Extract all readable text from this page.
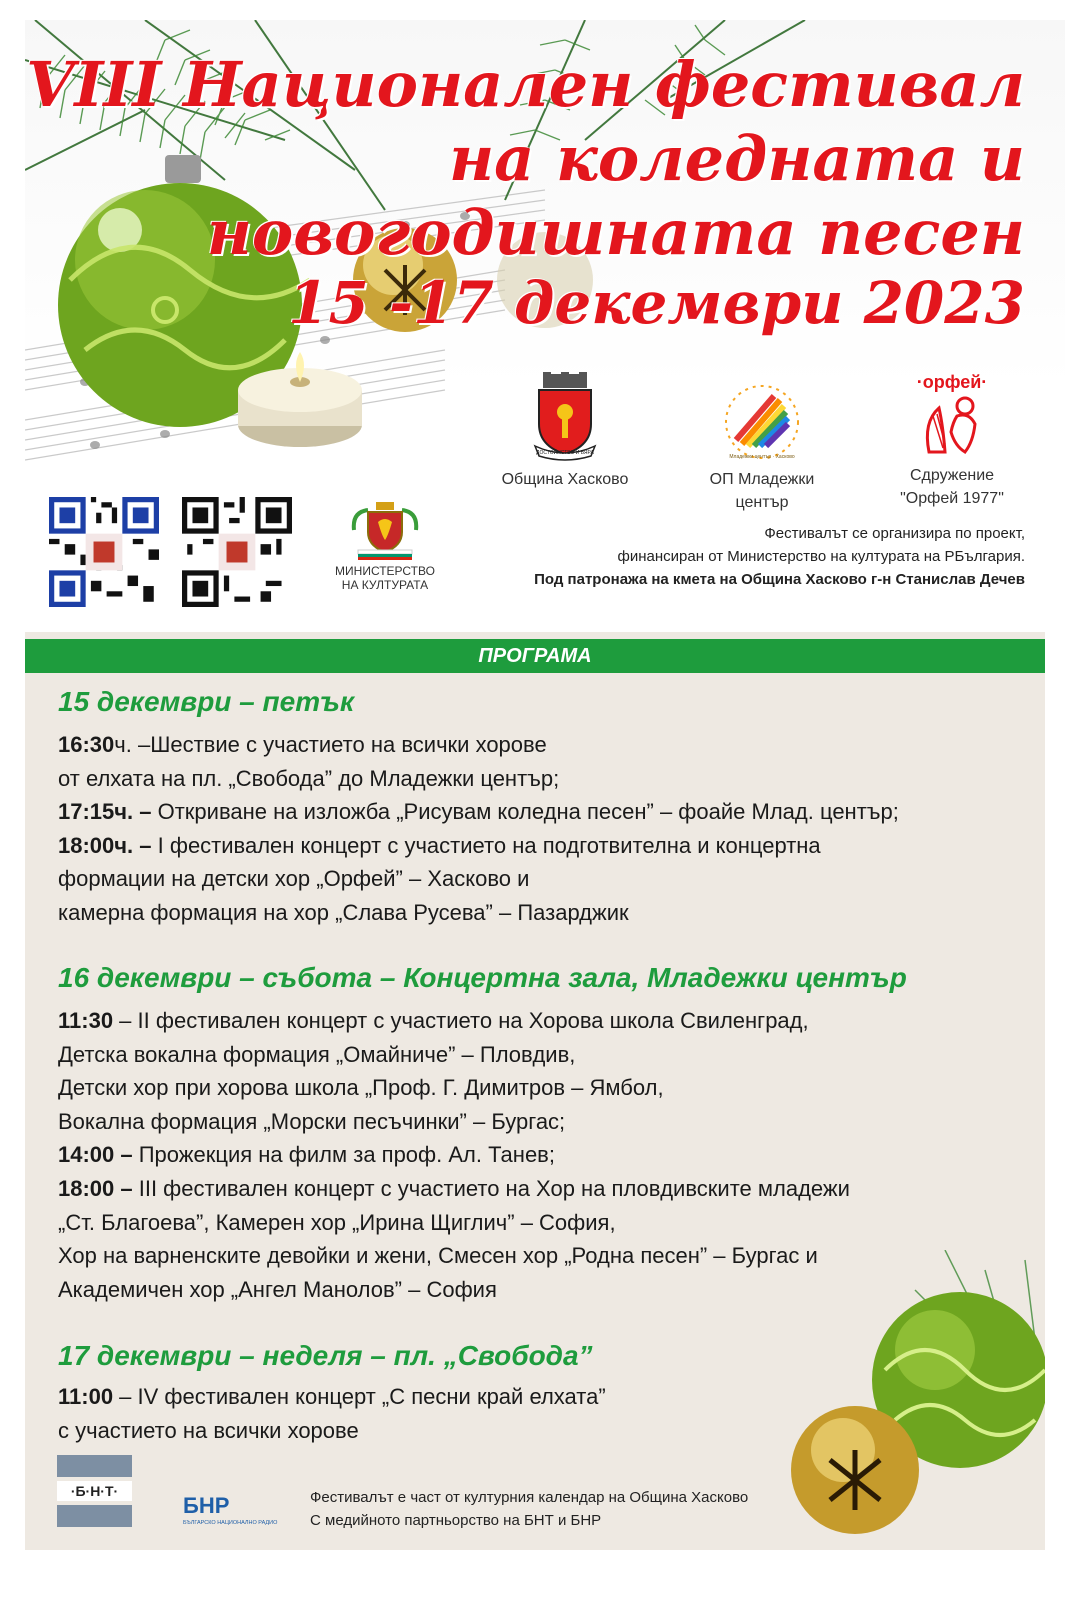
VIII Национален фестивал
на коледната и
новогодишната песен
15 -17 декември 2023
ДОСТОЙНСТВО И ВЯРА
Община Хасково
Младежки център · Хасково
ОП Младежки
център
·орфей·
Сдружение
"Орфей 1977"
МИНИСТЕРСТВО
НА КУЛТУРАТА
Фестивалът се организира по проект,
финансиран от Министерство на културата на РБългария.
Под патронажа на кмета на Община Хасково г-н Станислав Дечев
ПРОГРАМА
15 декември – петък
16:30ч. –Шествие с участието на всички хорове
от елхата на пл. „Свобода” до Младежки център;
17:15ч. – Откриване на изложба „Рисувам коледна песен” – фоайе Млад. център;
18:00ч. – I фестивален концерт с участието на подготвителна и концертна
формации на детски хор „Орфей” – Хасково и
камерна формация на хор „Слава Русева” – Пазарджик
16 декември – събота – Концертна зала, Младежки център
11:30 – II фестивален концерт с участието на Хорова школа Свиленград,
Детска вокална формация „Омайниче” – Пловдив,
Детски хор при хорова школа „Проф. Г. Димитров – Ямбол,
Вокална формация „Морски песъчинки” – Бургас;
14:00 – Прожекция на филм за проф. Ал. Танев;
18:00 – III фестивален концерт с участието на Хор на пловдивските младежи
„Ст. Благоева”, Камерен хор „Ирина Щиглич” – София,
Хор на варненските девойки и жени, Смесен хор „Родна песен” – Бургас и
Академичен хор „Ангел Манолов” – София
17 декември – неделя – пл. „Свобода”
11:00 – IV фестивален концерт „С песни край елхата”
с участието на всички хорове
·Б·Н·Т·
БНР
БЪЛГАРСКО НАЦИОНАЛНО РАДИО
Фестивалът е част от културния календар на Община Хасково
С медийното партньорство на БНТ и БНР
